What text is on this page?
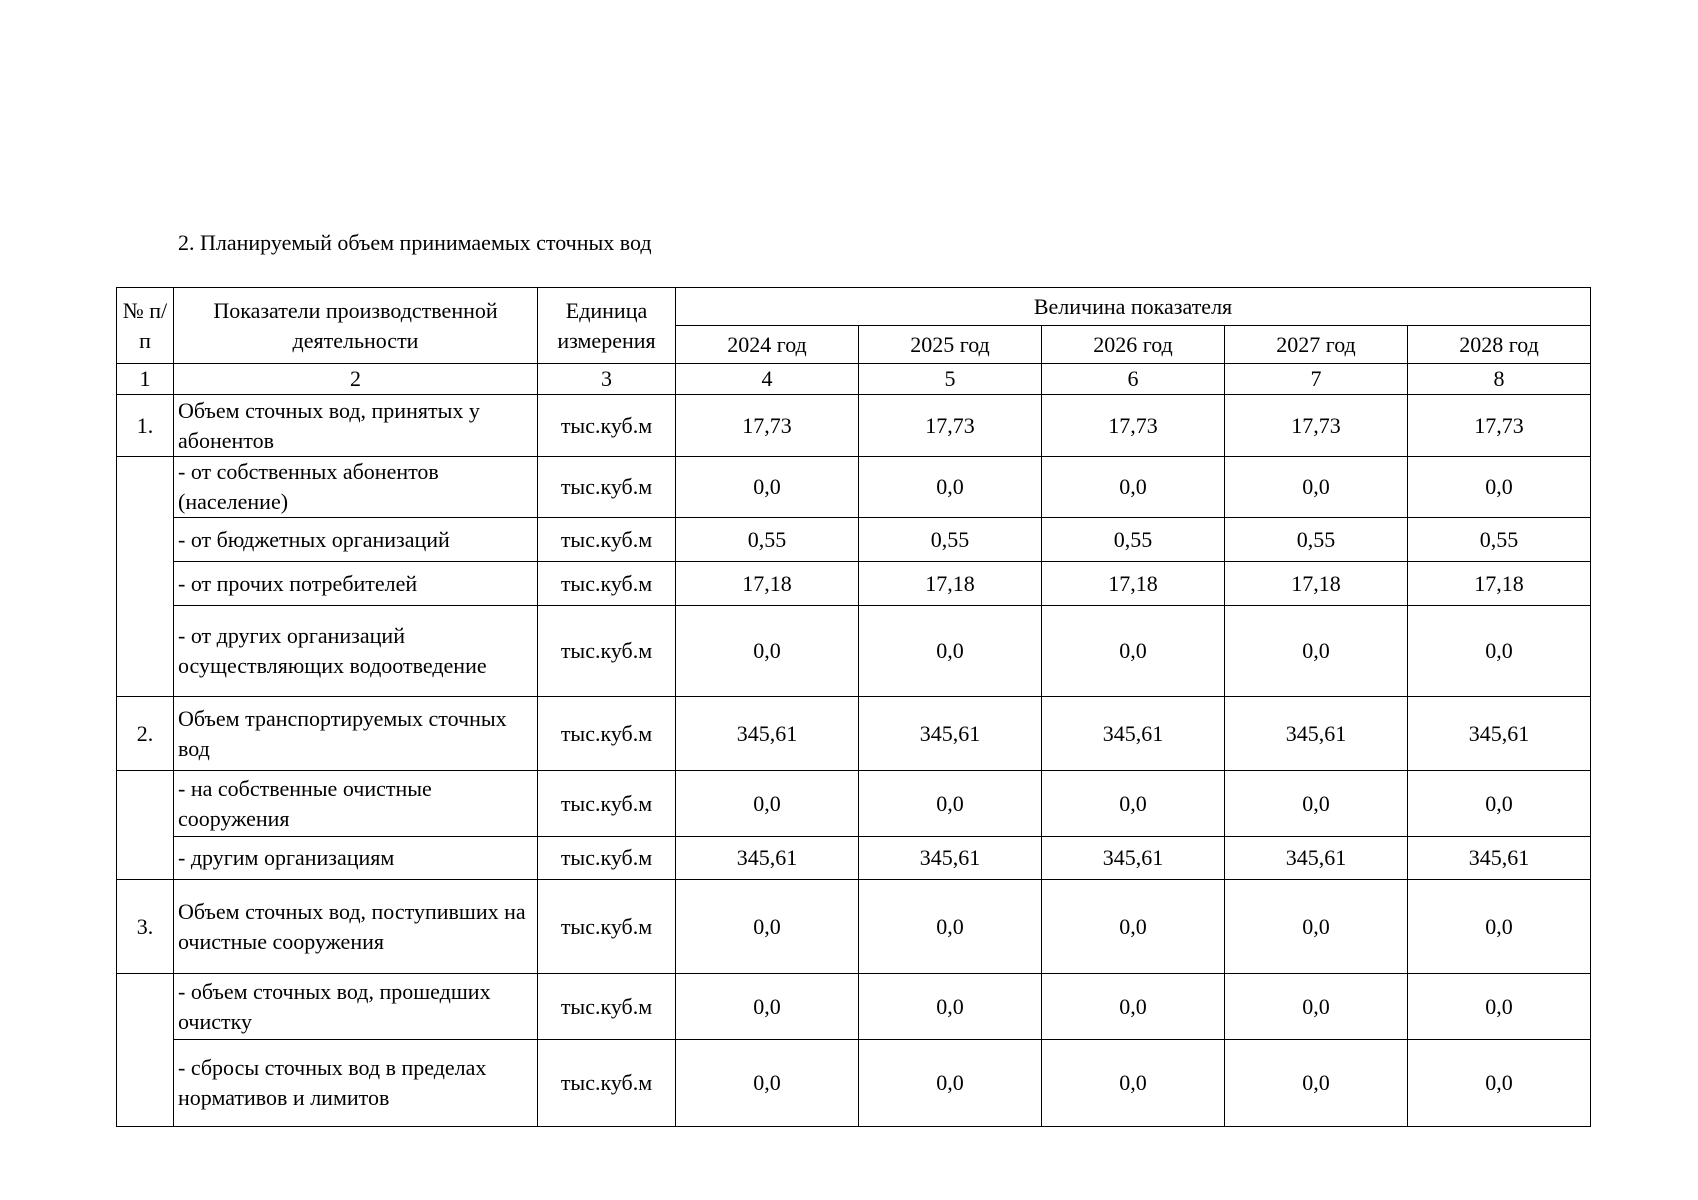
2. Планируемый объем принимаемых сточных вод
№ п/п	Показатели производственной деятельности	Единица измерения	Величина показателя				
			2024 год	2025 год	2026 год	2027 год	2028 год
1	2	3	4	5	6	7	8
1.	Объем сточных вод, принятых у абонентов	тыс.куб.м	17,73	17,73	17,73	17,73	17,73
	- от собственных абонентов (население)	тыс.куб.м	0,0	0,0	0,0	0,0	0,0
	- от бюджетных организаций	тыс.куб.м	0,55	0,55	0,55	0,55	0,55
	- от прочих потребителей	тыс.куб.м	17,18	17,18	17,18	17,18	17,18
	- от других организаций осуществляющих водоотведение	тыс.куб.м	0,0	0,0	0,0	0,0	0,0
2.	Объем транспортируемых сточных вод	тыс.куб.м	345,61	345,61	345,61	345,61	345,61
	- на собственные очистные сооружения	тыс.куб.м	0,0	0,0	0,0	0,0	0,0
	- другим организациям	тыс.куб.м	345,61	345,61	345,61	345,61	345,61
3.	Объем сточных вод, поступивших на очистные сооружения	тыс.куб.м	0,0	0,0	0,0	0,0	0,0
	- объем сточных вод, прошедших очистку	тыс.куб.м	0,0	0,0	0,0	0,0	0,0
	- сбросы сточных вод в пределах нормативов и лимитов	тыс.куб.м	0,0	0,0	0,0	0,0	0,0
